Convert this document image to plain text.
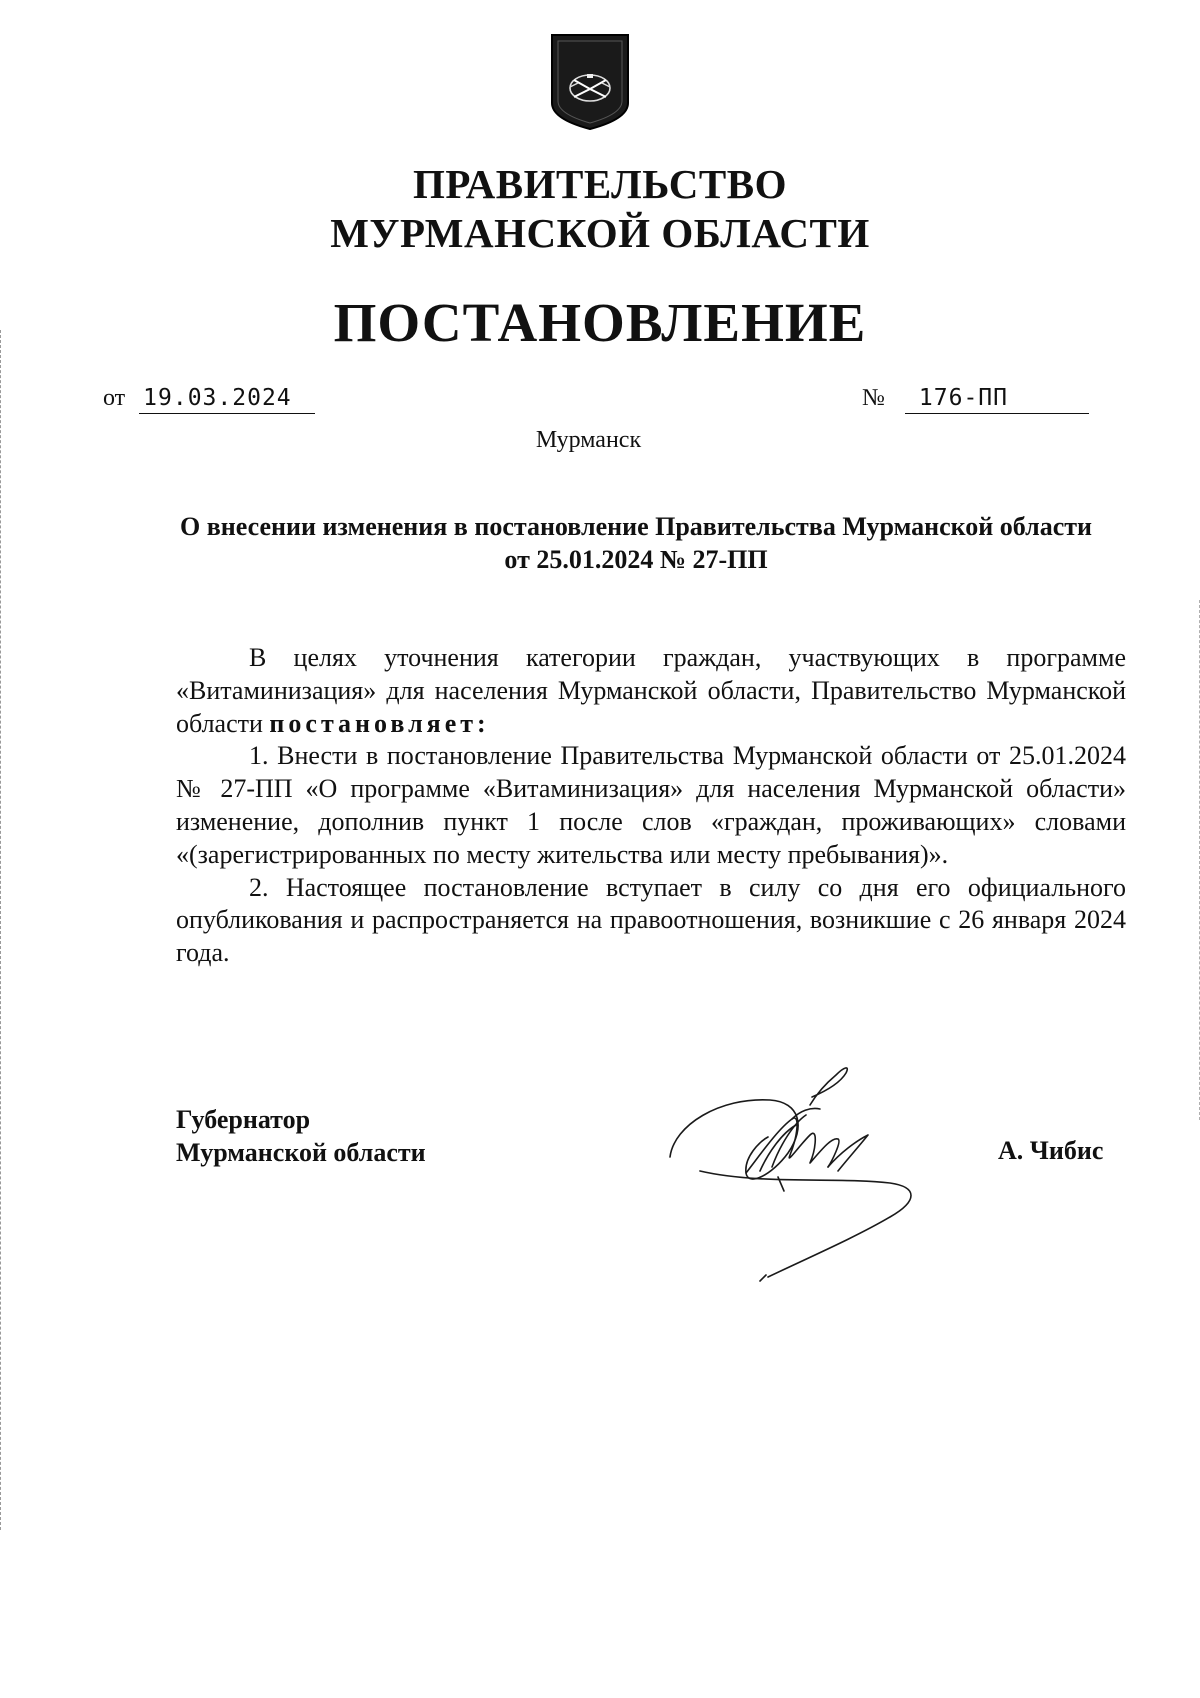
ПРАВИТЕЛЬСТВО
МУРМАНСКОЙ ОБЛАСТИ
ПОСТАНОВЛЕНИЕ
от 19.03.2024	№ 176-ПП
Мурманск
О внесении изменения в постановление Правительства Мурманской области от 25.01.2024 № 27-ПП

В целях уточнения категории граждан, участвующих в программе «Витаминизация» для населения Мурманской области, Правительство Мурманской области постановляет:

1. Внести в постановление Правительства Мурманской области от 25.01.2024 № 27-ПП «О программе «Витаминизация» для населения Мурманской области» изменение, дополнив пункт 1 после слов «граждан, проживающих» словами «(зарегистрированных по месту жительства или месту пребывания)».

2. Настоящее постановление вступает в силу со дня его официального опубликования и распространяется на правоотношения, возникшие с 26 января 2024 года.

Губернатор
Мурманской области	А. Чибис
